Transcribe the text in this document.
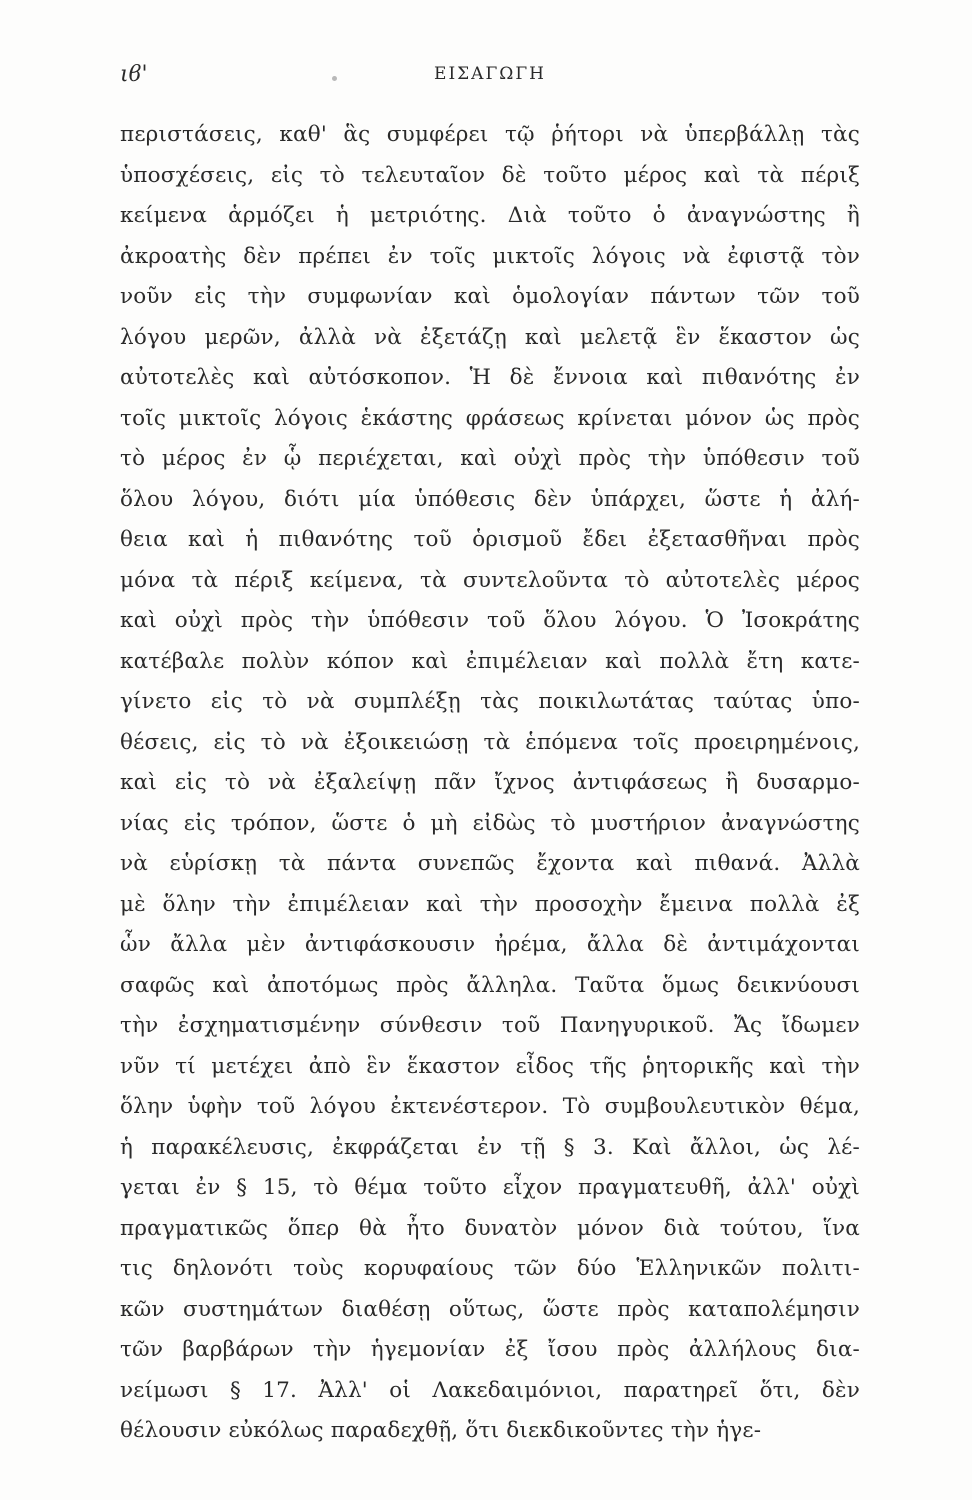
ιϐ'	ΕΙΣΑΓΩΓΗ
περιστάσεις, καθ' ἃς συμφέρει τῷ ῥήτορι νὰ ὑπερβάλλῃ τὰς
ὑποσχέσεις, εἰς τὸ τελευταῖον δὲ τοῦτο μέρος καὶ τὰ πέριξ
κείμενα ἁρμόζει ἡ μετριότης. Διὰ τοῦτο ὁ ἀναγνώστης ἢ
ἀκροατὴς δὲν πρέπει ἐν τοῖς μικτοῖς λόγοις νὰ ἐφιστᾷ τὸν
νοῦν εἰς τὴν συμφωνίαν καὶ ὁμολογίαν πάντων τῶν τοῦ
λόγου μερῶν, ἀλλὰ νὰ ἐξετάζῃ καὶ μελετᾷ ἓν ἕκαστον ὡς
αὐτοτελὲς καὶ αὐτόσκοπον. Ἡ δὲ ἔννοια καὶ πιθανότης ἐν
τοῖς μικτοῖς λόγοις ἑκάστης φράσεως κρίνεται μόνον ὡς πρὸς
τὸ μέρος ἐν ᾧ περιέχεται, καὶ οὐχὶ πρὸς τὴν ὑπόθεσιν τοῦ
ὅλου λόγου, διότι μία ὑπόθεσις δὲν ὑπάρχει, ὥστε ἡ ἀλή-
θεια καὶ ἡ πιθανότης τοῦ ὁρισμοῦ ἔδει ἐξετασθῆναι πρὸς
μόνα τὰ πέριξ κείμενα, τὰ συντελοῦντα τὸ αὐτοτελὲς μέρος
καὶ οὐχὶ πρὸς τὴν ὑπόθεσιν τοῦ ὅλου λόγου. Ὁ Ἰσοκράτης
κατέβαλε πολὺν κόπον καὶ ἐπιμέλειαν καὶ πολλὰ ἔτη κατε-
γίνετο εἰς τὸ νὰ συμπλέξῃ τὰς ποικιλωτάτας ταύτας ὑπο-
θέσεις, εἰς τὸ νὰ ἐξοικειώσῃ τὰ ἑπόμενα τοῖς προειρημένοις,
καὶ εἰς τὸ νὰ ἐξαλείψῃ πᾶν ἴχνος ἀντιφάσεως ἢ δυσαρμο-
νίας εἰς τρόπον, ὥστε ὁ μὴ εἰδὼς τὸ μυστήριον ἀναγνώστης
νὰ εὑρίσκῃ τὰ πάντα συνεπῶς ἔχοντα καὶ πιθανά. Ἀλλὰ
μὲ ὅλην τὴν ἐπιμέλειαν καὶ τὴν προσοχὴν ἔμεινα πολλὰ ἐξ
ὧν ἄλλα μὲν ἀντιφάσκουσιν ἠρέμα, ἄλλα δὲ ἀντιμάχονται
σαφῶς καὶ ἀποτόμως πρὸς ἄλληλα. Ταῦτα ὅμως δεικνύουσι
τὴν ἐσχηματισμένην σύνθεσιν τοῦ Πανηγυρικοῦ. Ἄς ἴδωμεν
νῦν τί μετέχει ἀπὸ ἓν ἕκαστον εἶδος τῆς ῥητορικῆς καὶ τὴν
ὅλην ὑφὴν τοῦ λόγου ἐκτενέστερον. Τὸ συμβουλευτικὸν θέμα,
ἡ παρακέλευσις, ἐκφράζεται ἐν τῇ § 3. Καὶ ἄλλοι, ὡς λέ-
γεται ἐν § 15, τὸ θέμα τοῦτο εἶχον πραγματευθῆ, ἀλλ' οὐχὶ
πραγματικῶς ὅπερ θὰ ἦτο δυνατὸν μόνον διὰ τούτου, ἵνα
τις δηλονότι τοὺς κορυφαίους τῶν δύο Ἑλληνικῶν πολιτι-
κῶν συστημάτων διαθέσῃ οὕτως, ὥστε πρὸς καταπολέμησιν
τῶν βαρβάρων τὴν ἡγεμονίαν ἐξ ἴσου πρὸς ἀλλήλους δια-
νείμωσι § 17. Ἀλλ' οἱ Λακεδαιμόνιοι, παρατηρεῖ ὅτι, δὲν
θέλουσιν εὐκόλως παραδεχθῇ, ὅτι διεκδικοῦντες τὴν ἡγε-
